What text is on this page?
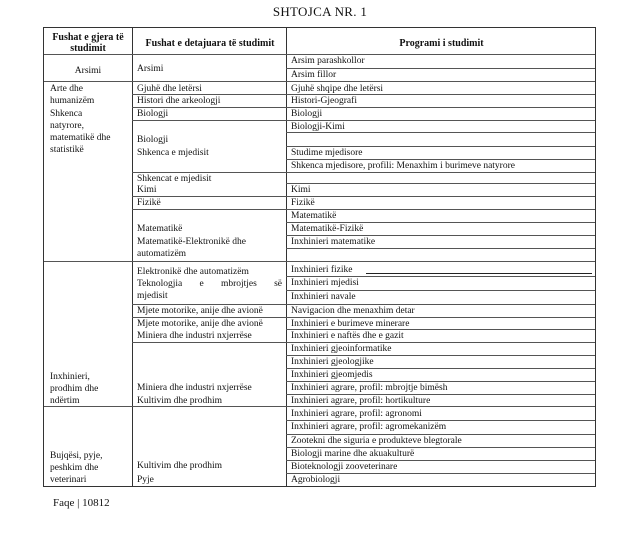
SHTOJCA NR. 1
Fushat e gjera të studimit	Fushat e detajuara të studimit	Programi i studimit
Arsimi
Arte dhe
humanizëm
Shkenca
natyrore,
matematikë dhe
statistikë
Inxhinieri,
prodhim dhe
ndërtim
Bujqësi, pyje,
peshkim dhe
veterinari
Arsimi
Gjuhë dhe letërsi
Histori dhe arkeologji
Biologji
Biologji
Shkenca e mjedisit
Shkencat e mjedisit
Kimi
Fizikë
Matematikë
Matematikë-Elektronikë dhe
automatizëm
Elektronikë dhe automatizëm
Teknologjia e mbrojtjes së
mjedisit
Mjete motorike, anije dhe avionë
Mjete motorike, anije dhe avionë
Miniera dhe industri nxjerrëse
Miniera dhe industri nxjerrëse
Kultivim dhe prodhim
Kultivim dhe prodhim
Pyje
Arsim parashkollor
Arsim fillor
Gjuhë shqipe dhe letërsi
Histori-Gjeografi
Biologji
Biologji-Kimi
Studime mjedisore
Shkenca mjedisore, profili: Menaxhim i burimeve natyrore
Kimi
Fizikë
Matematikë
Matematikë-Fizikë
Inxhinieri matematike
Inxhinieri fizike
Inxhinieri mjedisi
Inxhinieri navale
Navigacion dhe menaxhim detar
Inxhinieri e burimeve minerare
Inxhinieri e naftës dhe e gazit
Inxhinieri gjeoinformatike
Inxhinieri gjeologjike
Inxhinieri gjeomjedis
Inxhinieri agrare, profil: mbrojtje bimësh
Inxhinieri agrare, profil: hortikulture
Inxhinieri agrare, profil: agronomi
Inxhinieri agrare, profil: agromekanizëm
Zootekni dhe siguria e produkteve blegtorale
Biologji marine dhe akuakulturë
Bioteknologji zooveterinare
Agrobiologji
Faqe | 10812
